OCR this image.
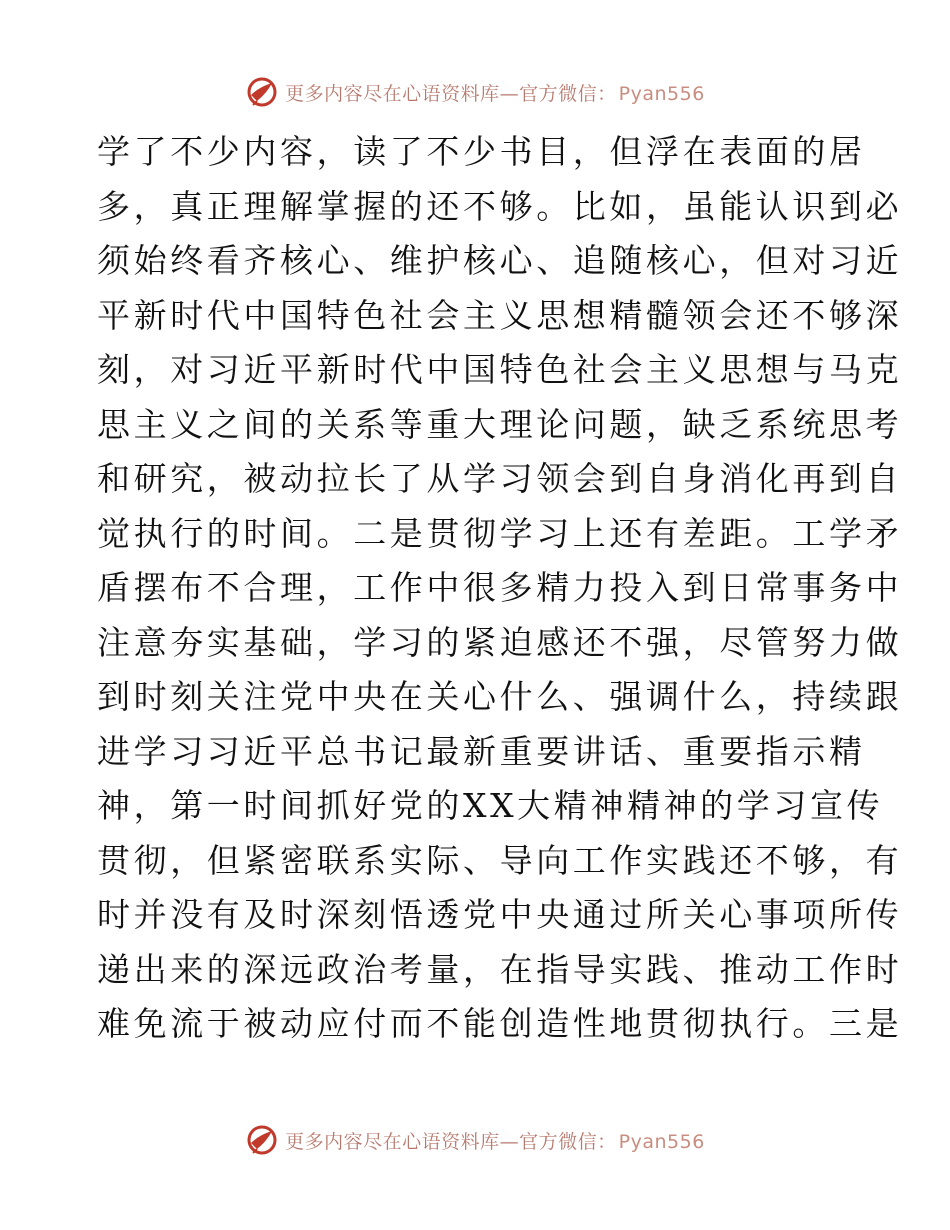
更多内容尽在心语资料库—官方微信： Pyan556
学了不少内容，读了不少书目，但浮在表面的居
多，真正理解掌握的还不够。比如，虽能认识到必
须始终看齐核心、维护核心、追随核心，但对习近
平新时代中国特色社会主义思想精髓领会还不够深
刻，对习近平新时代中国特色社会主义思想与马克
思主义之间的关系等重大理论问题，缺乏系统思考
和研究，被动拉长了从学习领会到自身消化再到自
觉执行的时间。二是贯彻学习上还有差距。工学矛
盾摆布不合理，工作中很多精力投入到日常事务中
注意夯实基础，学习的紧迫感还不强，尽管努力做
到时刻关注党中央在关心什么、强调什么，持续跟
进学习习近平总书记最新重要讲话、重要指示精
神，第一时间抓好党的XX大精神精神的学习宣传
贯彻，但紧密联系实际、导向工作实践还不够，有
时并没有及时深刻悟透党中央通过所关心事项所传
递出来的深远政治考量，在指导实践、推动工作时
难免流于被动应付而不能创造性地贯彻执行。三是
更多内容尽在心语资料库—官方微信： Pyan556
